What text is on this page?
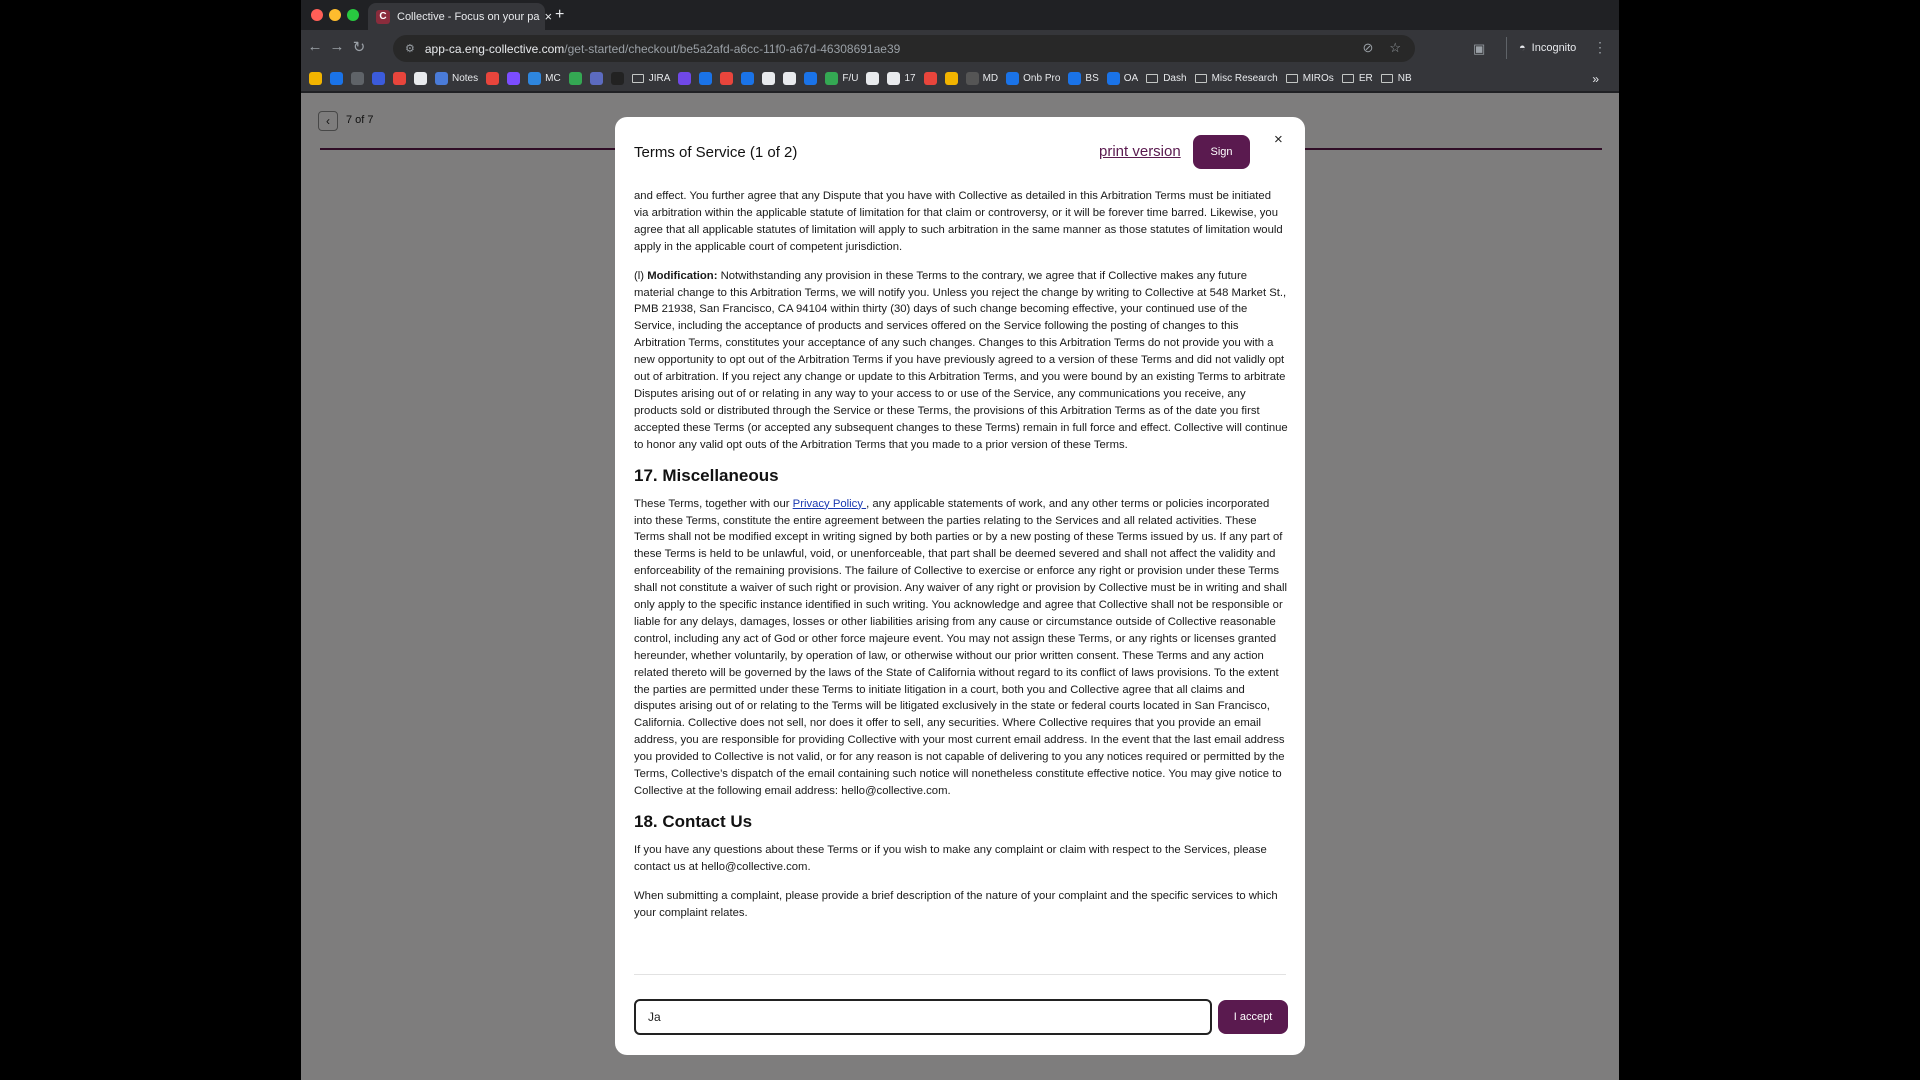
C Collective - Focus on your pa × +
← → ↻	⚙ app-ca.eng-collective.com/get-started/checkout/be5a2afd-a6cc-11f0-a67d-46308691ae39	⊘ ☆	▣	◓ Incognito ⋮
Notes	MC	JIRA	F/U	17	MD	Onb Pro	BS	OA	Dash	Misc Research	MIROs	ER	NB	»
‹	7 of 7
Terms of Service (1 of 2)	print version	Sign
×

and effect. You further agree that any Dispute that you have with Collective as detailed in this Arbitration Terms must be initiated via arbitration within the applicable statute of limitation for that claim or controversy, or it will be forever time barred. Likewise, you agree that all applicable statutes of limitation will apply to such arbitration in the same manner as those statutes of limitation would apply in the applicable court of competent jurisdiction.

(l) Modification: Notwithstanding any provision in these Terms to the contrary, we agree that if Collective makes any future material change to this Arbitration Terms, we will notify you. Unless you reject the change by writing to Collective at 548 Market St., PMB 21938, San Francisco, CA 94104 within thirty (30) days of such change becoming effective, your continued use of the Service, including the acceptance of products and services offered on the Service following the posting of changes to this Arbitration Terms, constitutes your acceptance of any such changes. Changes to this Arbitration Terms do not provide you with a new opportunity to opt out of the Arbitration Terms if you have previously agreed to a version of these Terms and did not validly opt out of arbitration. If you reject any change or update to this Arbitration Terms, and you were bound by an existing Terms to arbitrate Disputes arising out of or relating in any way to your access to or use of the Service, any communications you receive, any products sold or distributed through the Service or these Terms, the provisions of this Arbitration Terms as of the date you first accepted these Terms (or accepted any subsequent changes to these Terms) remain in full force and effect. Collective will continue to honor any valid opt outs of the Arbitration Terms that you made to a prior version of these Terms.

17. Miscellaneous

These Terms, together with our Privacy Policy , any applicable statements of work, and any other terms or policies incorporated into these Terms, constitute the entire agreement between the parties relating to the Services and all related activities. These Terms shall not be modified except in writing signed by both parties or by a new posting of these Terms issued by us. If any part of these Terms is held to be unlawful, void, or unenforceable, that part shall be deemed severed and shall not affect the validity and enforceability of the remaining provisions. The failure of Collective to exercise or enforce any right or provision under these Terms shall not constitute a waiver of such right or provision. Any waiver of any right or provision by Collective must be in writing and shall only apply to the specific instance identified in such writing. You acknowledge and agree that Collective shall not be responsible or liable for any delays, damages, losses or other liabilities arising from any cause or circumstance outside of Collective reasonable control, including any act of God or other force majeure event. You may not assign these Terms, or any rights or licenses granted hereunder, whether voluntarily, by operation of law, or otherwise without our prior written consent. These Terms and any action related thereto will be governed by the laws of the State of California without regard to its conflict of laws provisions. To the extent the parties are permitted under these Terms to initiate litigation in a court, both you and Collective agree that all claims and disputes arising out of or relating to the Terms will be litigated exclusively in the state or federal courts located in San Francisco, California. Collective does not sell, nor does it offer to sell, any securities. Where Collective requires that you provide an email address, you are responsible for providing Collective with your most current email address. In the event that the last email address you provided to Collective is not valid, or for any reason is not capable of delivering to you any notices required or permitted by the Terms, Collective’s dispatch of the email containing such notice will nonetheless constitute effective notice. You may give notice to Collective at the following email address: hello@collective.com.

18. Contact Us

If you have any questions about these Terms or if you wish to make any complaint or claim with respect to the Services, please contact us at hello@collective.com.

When submitting a complaint, please provide a brief description of the nature of your complaint and the specific services to which your complaint relates.

Ja
I accept
